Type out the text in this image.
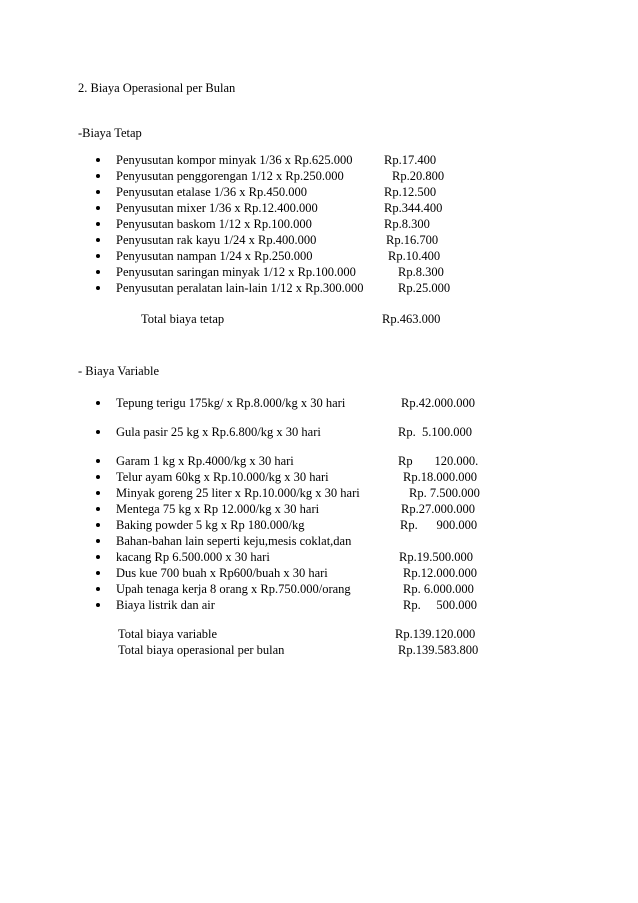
2. Biaya Operasional per Bulan
-Biaya Tetap
Penyusutan kompor minyak 1/36 x Rp.625.000	Rp.17.400
Penyusutan penggorengan 1/12 x Rp.250.000	Rp.20.800
Penyusutan etalase 1/36 x Rp.450.000	Rp.12.500
Penyusutan mixer 1/36 x Rp.12.400.000	Rp.344.400
Penyusutan baskom 1/12 x Rp.100.000	Rp.8.300
Penyusutan rak kayu 1/24 x Rp.400.000	Rp.16.700
Penyusutan nampan 1/24 x Rp.250.000	Rp.10.400
Penyusutan saringan minyak 1/12 x Rp.100.000	Rp.8.300
Penyusutan peralatan lain-lain 1/12 x Rp.300.000	Rp.25.000
Total biaya tetap	Rp.463.000
- Biaya Variable
Tepung terigu 175kg/ x Rp.8.000/kg x 30 hari	Rp.42.000.000
Gula pasir 25 kg x Rp.6.800/kg x 30 hari	Rp.  5.100.000
Garam 1 kg x Rp.4000/kg x 30 hari	Rp       120.000.
Telur ayam 60kg x Rp.10.000/kg x 30 hari	Rp.18.000.000
Minyak goreng 25 liter x Rp.10.000/kg x 30 hari	Rp. 7.500.000
Mentega 75 kg x Rp 12.000/kg x 30 hari	Rp.27.000.000
Baking powder 5 kg x Rp 180.000/kg	Rp.      900.000
Bahan-bahan lain seperti keju,mesis coklat,dan
kacang Rp 6.500.000 x 30 hari	Rp.19.500.000
Dus kue 700 buah x Rp600/buah x 30 hari	Rp.12.000.000
Upah tenaga kerja 8 orang x Rp.750.000/orang	Rp. 6.000.000
Biaya listrik dan air	Rp.     500.000
Total biaya variable	Rp.139.120.000
Total biaya operasional per bulan	Rp.139.583.800
